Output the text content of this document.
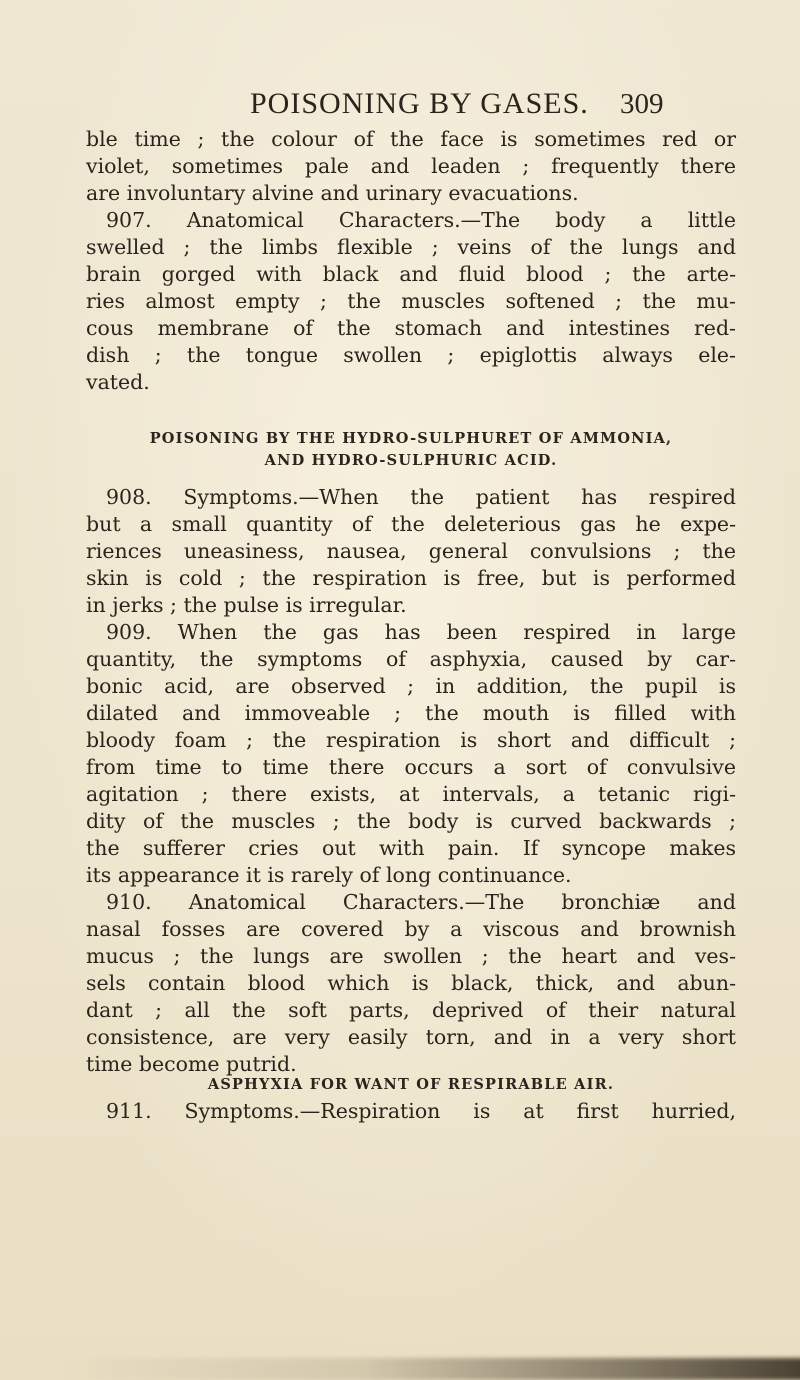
POISONING BY GASES. 309
ble time ; the colour of the face is sometimes red or
violet, sometimes pale and leaden ; frequently there
are involuntary alvine and urinary evacuations.
907. Anatomical Characters.—The body a little
swelled ; the limbs flexible ; veins of the lungs and
brain gorged with black and fluid blood ; the arte-
ries almost empty ; the muscles softened ; the mu-
cous membrane of the stomach and intestines red-
dish ; the tongue swollen ; epiglottis always ele-
vated.
POISONING BY THE HYDRO-SULPHURET OF AMMONIA,
AND HYDRO-SULPHURIC ACID.
908. Symptoms.—When the patient has respired
but a small quantity of the deleterious gas he expe-
riences uneasiness, nausea, general convulsions ; the
skin is cold ; the respiration is free, but is performed
in jerks ; the pulse is irregular.
909. When the gas has been respired in large
quantity, the symptoms of asphyxia, caused by car-
bonic acid, are observed ; in addition, the pupil is
dilated and immoveable ; the mouth is filled with
bloody foam ; the respiration is short and difficult ;
from time to time there occurs a sort of convulsive
agitation ; there exists, at intervals, a tetanic rigi-
dity of the muscles ; the body is curved backwards ;
the sufferer cries out with pain. If syncope makes
its appearance it is rarely of long continuance.
910. Anatomical Characters.—The bronchiæ and
nasal fosses are covered by a viscous and brownish
mucus ; the lungs are swollen ; the heart and ves-
sels contain blood which is black, thick, and abun-
dant ; all the soft parts, deprived of their natural
consistence, are very easily torn, and in a very short
time become putrid.
ASPHYXIA FOR WANT OF RESPIRABLE AIR.
911. Symptoms.—Respiration is at first hurried,
